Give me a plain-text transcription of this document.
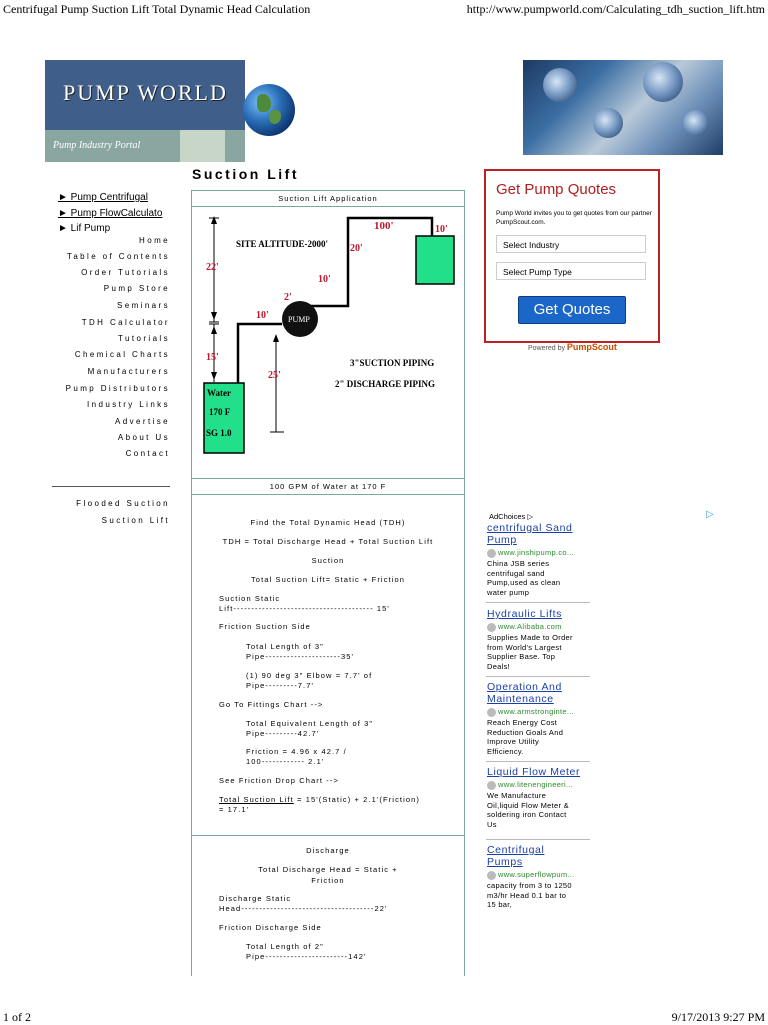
Centrifugal Pump Suction Lift Total Dynamic Head Calculation	http://www.pumpworld.com/Calculating_tdh_suction_lift.htm
1 of 2	9/17/2013 9:27 PM
PUMP WORLD
Pump Industry Portal
► Pump Centrifugal
► Pump FlowCalculato
► Lif Pump
Home
Table of Contents
Order Tutorials
Pump Store
Seminars
TDH Calculator
Tutorials
Chemical Charts
Manufacturers
Pump Distributors
Industry Links
Advertise
About Us
Contact
Flooded Suction
Suction Lift
Suction Lift
Suction Lift Application
22'
15'
25'
10'
10'
2'
20'
100'	10'
SITE ALTITUDE-2000'
3"SUCTION PIPING
2" DISCHARGE PIPING
Water
170 F
SG 1.0
PUMP
100 GPM of Water at 170 F
Find the Total Dynamic Head (TDH)
TDH = Total Discharge Head + Total Suction Lift
Suction
Total Suction Lift= Static + Friction
Suction Static
Lift--------------------------------------- 15'
Friction Suction Side
Total Length of 3"
Pipe---------------------35'
(1) 90 deg 3" Elbow = 7.7' of
Pipe---------7.7'
Go To Fittings Chart -->
Total Equivalent Length of 3"
Pipe---------42.7'
Friction = 4.96 x 42.7 /
100------------ 2.1'
See Friction Drop Chart -->
Total Suction Lift = 15'(Static) + 2.1'(Friction)
= 17.1'
Discharge
Total Discharge Head = Static +
Friction
Discharge Static
Head-------------------------------------22'
Friction Discharge Side
Total Length of 2"
Pipe-----------------------142'
Get Pump Quotes
Pump World invites you to get quotes from our partner PumpScout.com.
Select Industry
Select Pump Type
Get Quotes
Powered by PumpScout
AdChoices ▷	▷
centrifugal Sand
Pump
www.jinshipump.co...
China JSB series
centrifugal sand
Pump,used as clean
water pump
Hydraulic Lifts
www.Alibaba.com
Supplies Made to Order
from World's Largest
Supplier Base. Top
Deals!
Operation And
Maintenance
www.armstronginte...
Reach Energy Cost
Reduction Goals And
Improve Utility
Efficiency.
Liquid Flow Meter
www.litenengineeri...
We Manufacture
Oil,liquid Flow Meter &
soldering iron Contact
Us
Centrifugal
Pumps
www.superflowpum...
capacity from 3 to 1250
m3/hr Head 0.1 bar to
15 bar,
